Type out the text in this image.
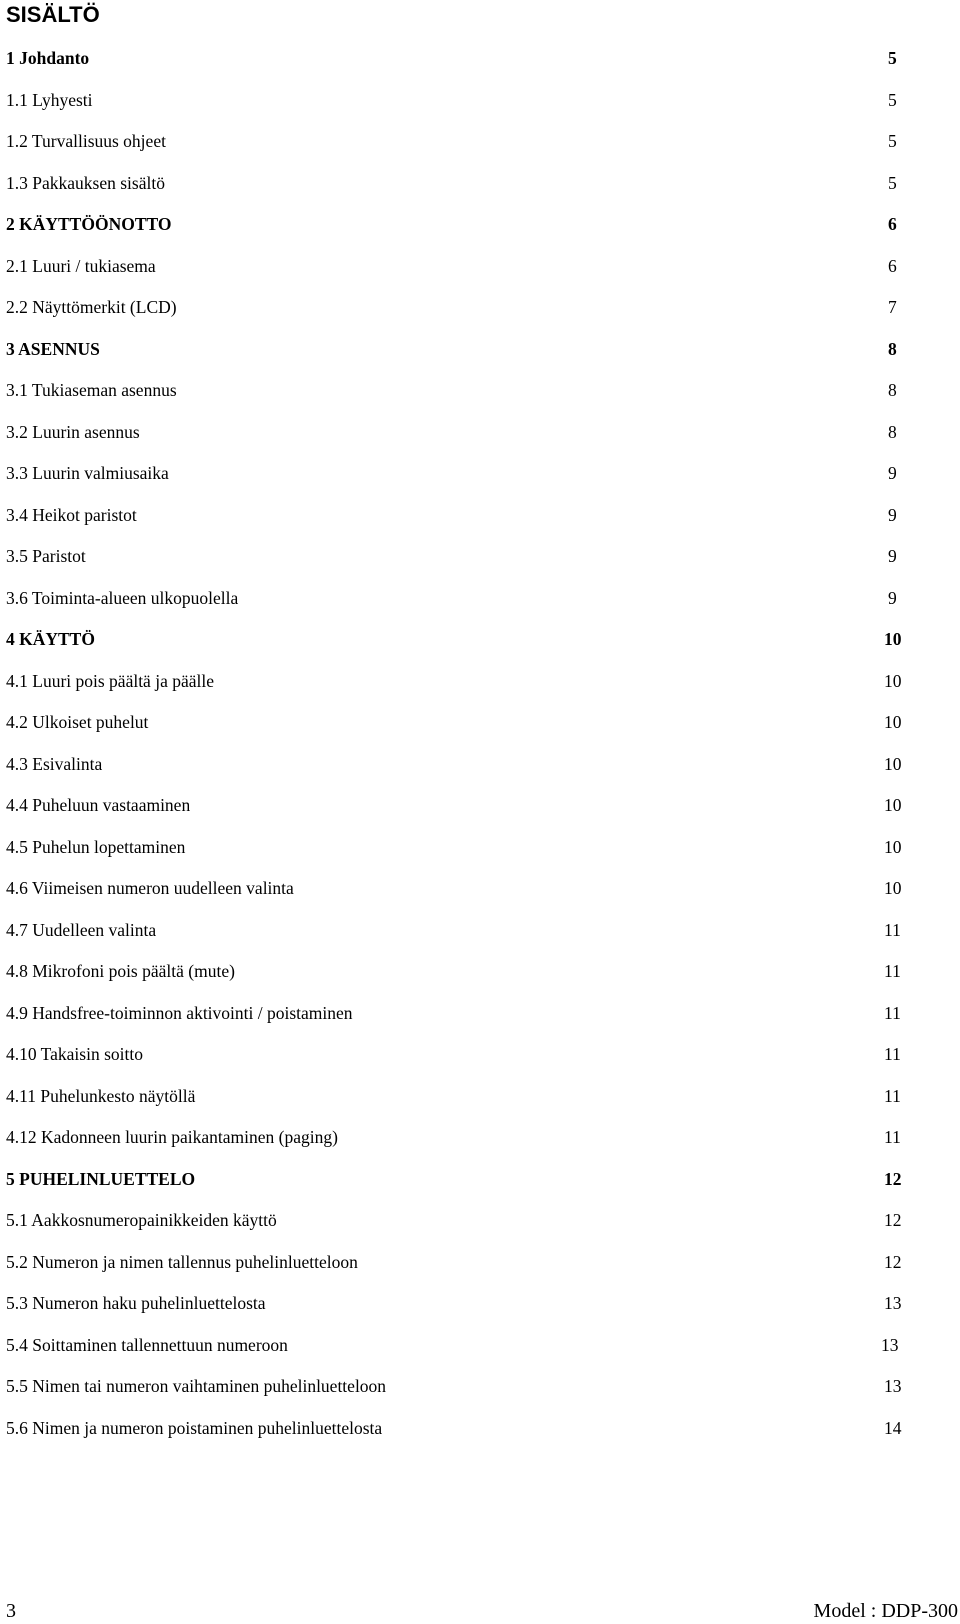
SISÄLTÖ
1 Johdanto	5
1.1 Lyhyesti	5
1.2 Turvallisuus ohjeet	5
1.3 Pakkauksen sisältö	5
2 KÄYTTÖÖNOTTO	6
2.1 Luuri / tukiasema	6
2.2 Näyttömerkit (LCD)	7
3 ASENNUS	8
3.1 Tukiaseman asennus	8
3.2 Luurin asennus	8
3.3 Luurin valmiusaika	9
3.4 Heikot paristot	9
3.5 Paristot	9
3.6 Toiminta-alueen ulkopuolella	9
4 KÄYTTÖ	10
4.1 Luuri pois päältä ja päälle	10
4.2 Ulkoiset puhelut	10
4.3 Esivalinta	10
4.4 Puheluun vastaaminen	10
4.5 Puhelun lopettaminen	10
4.6 Viimeisen numeron uudelleen valinta	10
4.7 Uudelleen valinta	11
4.8 Mikrofoni pois päältä (mute)	11
4.9 Handsfree-toiminnon aktivointi / poistaminen	11
4.10 Takaisin soitto	11
4.11 Puhelunkesto näytöllä	11
4.12 Kadonneen luurin paikantaminen (paging)	11
5 PUHELINLUETTELO	12
5.1 Aakkosnumeropainikkeiden käyttö	12
5.2 Numeron ja nimen tallennus puhelinluetteloon	12
5.3 Numeron haku puhelinluettelosta	13
5.4 Soittaminen tallennettuun numeroon	13
5.5 Nimen tai numeron vaihtaminen puhelinluetteloon	13
5.6 Nimen ja numeron poistaminen puhelinluettelosta	14
3	Model : DDP-300
